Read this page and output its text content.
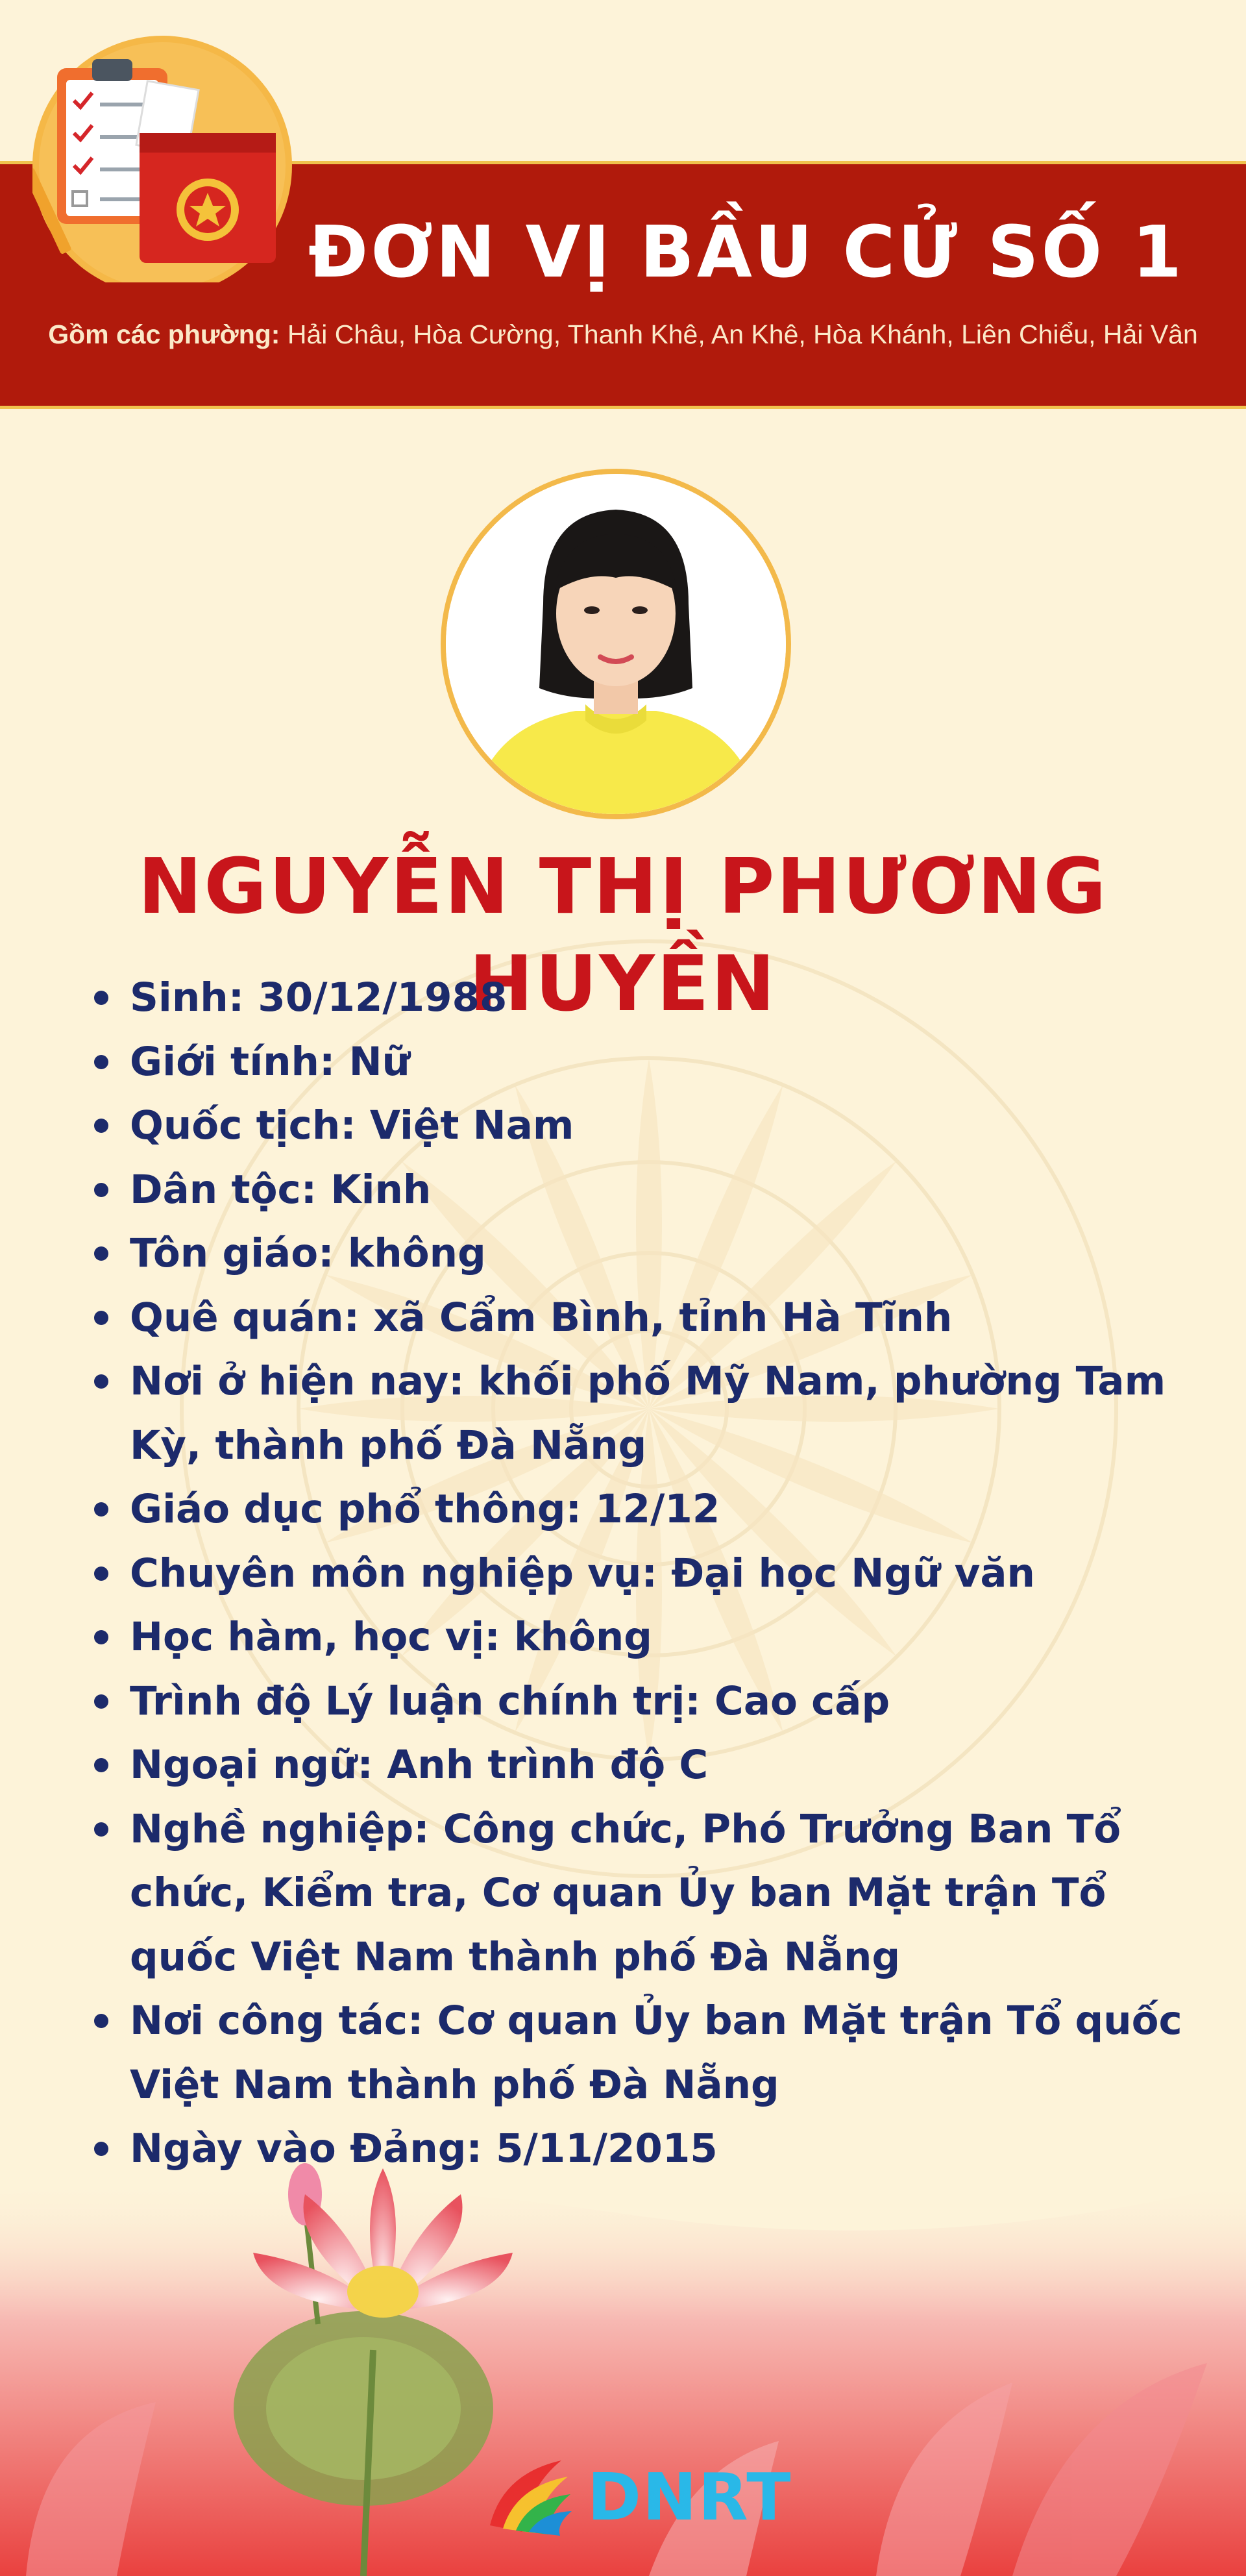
ĐƠN VỊ BẦU CỬ SỐ 1
Gồm các phường: Hải Châu, Hòa Cường, Thanh Khê, An Khê, Hòa Khánh, Liên Chiểu, Hải Vân
NGUYỄN THỊ PHƯƠNG HUYỀN
Sinh: 30/12/1988
Giới tính: Nữ
Quốc tịch: Việt Nam
Dân tộc: Kinh
Tôn giáo: không
Quê quán: xã Cẩm Bình, tỉnh Hà Tĩnh
Nơi ở hiện nay: khối phố Mỹ Nam, phường Tam Kỳ, thành phố Đà Nẵng
Giáo dục phổ thông: 12/12
Chuyên môn nghiệp vụ: Đại học Ngữ văn
Học hàm, học vị: không
Trình độ Lý luận chính trị: Cao cấp
Ngoại ngữ: Anh trình độ C
Nghề nghiệp: Công chức, Phó Trưởng Ban Tổ chức, Kiểm tra, Cơ quan Ủy ban Mặt trận Tổ quốc Việt Nam thành phố Đà Nẵng
Nơi công tác: Cơ quan Ủy ban Mặt trận Tổ quốc Việt Nam thành phố Đà Nẵng
Ngày vào Đảng: 5/11/2015
DNRT
